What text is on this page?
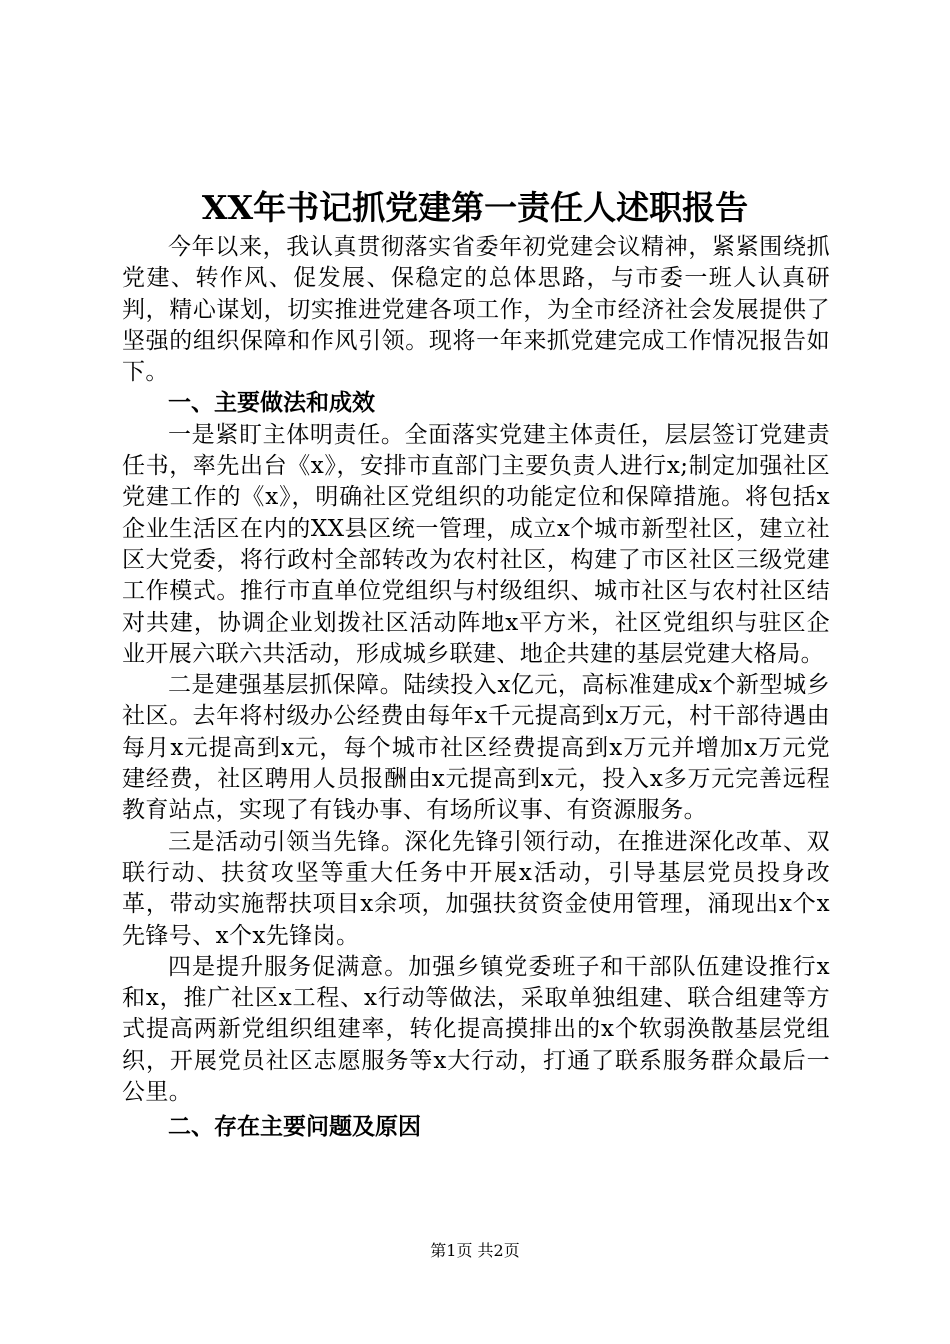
XX年书记抓党建第一责任人述职报告

今年以来，我认真贯彻落实省委年初党建会议精神，紧紧围绕抓党建、转作风、促发展、保稳定的总体思路，与市委一班人认真研判，精心谋划，切实推进党建各项工作，为全市经济社会发展提供了坚强的组织保障和作风引领。现将一年来抓党建完成工作情况报告如下。

一、主要做法和成效

一是紧盯主体明责任。全面落实党建主体责任，层层签订党建责任书，率先出台《x》，安排市直部门主要负责人进行x;制定加强社区党建工作的《x》，明确社区党组织的功能定位和保障措施。将包括x企业生活区在内的XX县区统一管理，成立x个城市新型社区，建立社区大党委，将行政村全部转改为农村社区，构建了市区社区三级党建工作模式。推行市直单位党组织与村级组织、城市社区与农村社区结对共建，协调企业划拨社区活动阵地x平方米，社区党组织与驻区企业开展六联六共活动，形成城乡联建、地企共建的基层党建大格局。

二是建强基层抓保障。陆续投入x亿元，高标准建成x个新型城乡社区。去年将村级办公经费由每年x千元提高到x万元，村干部待遇由每月x元提高到x元，每个城市社区经费提高到x万元并增加x万元党建经费，社区聘用人员报酬由x元提高到x元，投入x多万元完善远程教育站点，实现了有钱办事、有场所议事、有资源服务。

三是活动引领当先锋。深化先锋引领行动，在推进深化改革、双联行动、扶贫攻坚等重大任务中开展x活动，引导基层党员投身改革，带动实施帮扶项目x余项，加强扶贫资金使用管理，涌现出x个x先锋号、x个x先锋岗。

四是提升服务促满意。加强乡镇党委班子和干部队伍建设推行x和x，推广社区x工程、x行动等做法，采取单独组建、联合组建等方式提高两新党组织组建率，转化提高摸排出的x个软弱涣散基层党组织，开展党员社区志愿服务等x大行动，打通了联系服务群众最后一公里。

二、存在主要问题及原因

第1页 共2页
